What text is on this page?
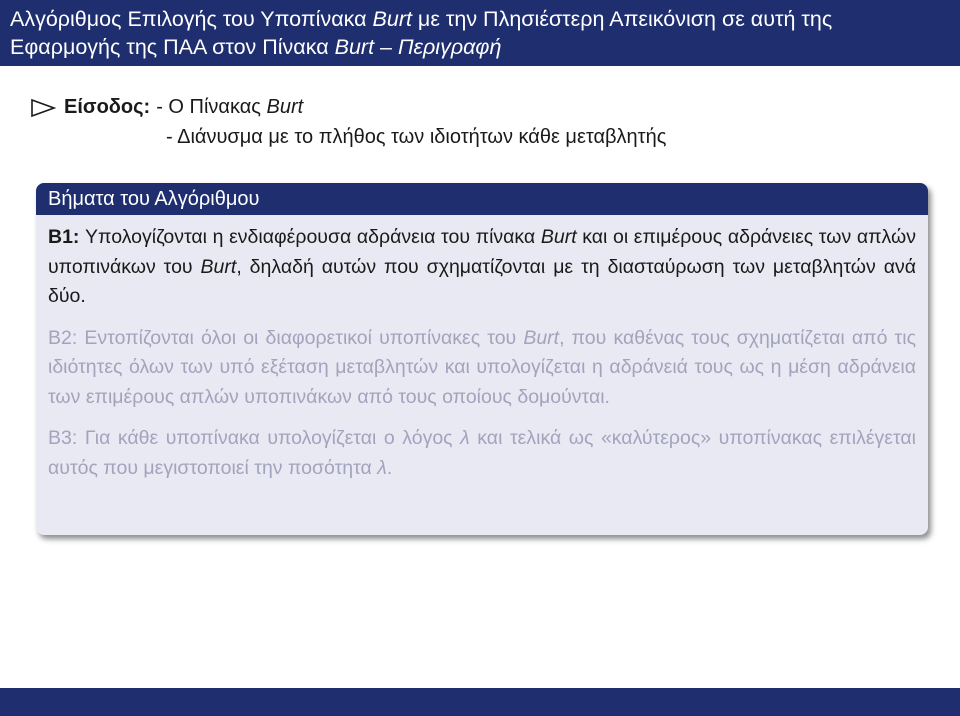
Αλγόριθμος Επιλογής του Υποπίνακα Burt με την Πλησιέστερη Απεικόνιση σε αυτή της Εφαρμογής της ΠΑΑ στον Πίνακα Burt – Περιγραφή
Είσοδος: - Ο Πίνακας Burt
- Διάνυσμα με το πλήθος των ιδιοτήτων κάθε μεταβλητής
Βήματα του Αλγόριθμου

B1: Υπολογίζονται η ενδιαφέρουσα αδράνεια του πίνακα Burt και οι επιμέρους αδράνειες των απλών υποπινάκων του Burt, δηλαδή αυτών που σχηματίζονται με τη διασταύρωση των μεταβλητών ανά δύο.

B2: Εντοπίζονται όλοι οι διαφορετικοί υποπίνακες του Burt, που καθένας τους σχηματίζεται από τις ιδιότητες όλων των υπό εξέταση μεταβλητών και υπολογίζεται η αδράνειά τους ως η μέση αδράνεια των επιμέρους απλών υποπινάκων από τους οποίους δομούνται.

B3: Για κάθε υποπίνακα υπολογίζεται ο λόγος λ και τελικά ως «καλύτερος» υποπίνακας επιλέγεται αυτός που μεγιστοποιεί την ποσότητα λ.
